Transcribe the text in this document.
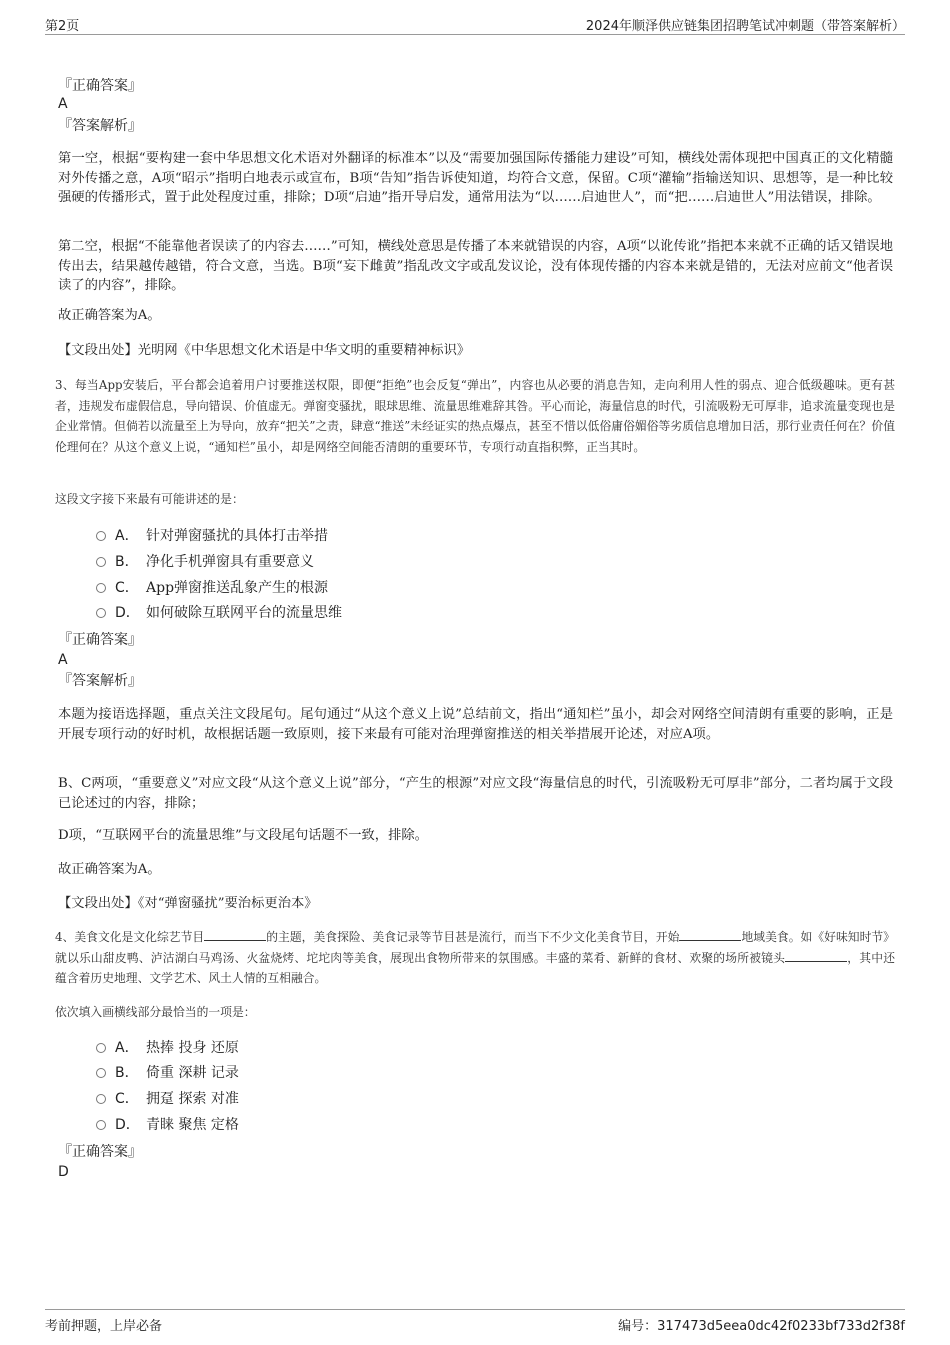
第2页	2024年顺泽供应链集团招聘笔试冲刺题（带答案解析）
『正确答案』
A
『答案解析』
第一空，根据“要构建一套中华思想文化术语对外翻译的标准本”以及“需要加强国际传播能力建设”可知，横线处需体现把中国真正的文化精髓对外传播之意，A项“昭示”指明白地表示或宣布，B项“告知”指告诉使知道，均符合文意，保留。C项“灌输”指输送知识、思想等，是一种比较强硬的传播形式，置于此处程度过重，排除；D项“启迪”指开导启发，通常用法为“以……启迪世人”，而“把……启迪世人”用法错误，排除。
第二空，根据“不能靠他者误读了的内容去……”可知，横线处意思是传播了本来就错误的内容，A项“以讹传讹”指把本来就不正确的话又错误地传出去，结果越传越错，符合文意，当选。B项“妄下雌黄”指乱改文字或乱发议论，没有体现传播的内容本来就是错的，无法对应前文“他者误读了的内容”，排除。
故正确答案为A。
【文段出处】光明网《中华思想文化术语是中华文明的重要精神标识》
3、每当App安装后，平台都会追着用户讨要推送权限，即便“拒绝”也会反复“弹出”，内容也从必要的消息告知，走向利用人性的弱点、迎合低级趣味。更有甚者，违规发布虚假信息，导向错误、价值虚无。弹窗变骚扰，眼球思维、流量思维难辞其咎。平心而论，海量信息的时代，引流吸粉无可厚非，追求流量变现也是企业常情。但倘若以流量至上为导向，放弃“把关”之责，肆意“推送”未经证实的热点爆点，甚至不惜以低俗庸俗媚俗等劣质信息增加日活，那行业责任何在？价值伦理何在？从这个意义上说，“通知栏”虽小，却是网络空间能否清朗的重要环节，专项行动直指积弊，正当其时。
这段文字接下来最有可能讲述的是：
A． 针对弹窗骚扰的具体打击举措
B． 净化手机弹窗具有重要意义
C． App弹窗推送乱象产生的根源
D． 如何破除互联网平台的流量思维
『正确答案』
A
『答案解析』
本题为接语选择题，重点关注文段尾句。尾句通过“从这个意义上说”总结前文，指出“通知栏”虽小，却会对网络空间清朗有重要的影响，正是开展专项行动的好时机，故根据话题一致原则，接下来最有可能对治理弹窗推送的相关举措展开论述，对应A项。
B、C两项，“重要意义”对应文段“从这个意义上说”部分，“产生的根源”对应文段“海量信息的时代，引流吸粉无可厚非”部分，二者均属于文段已论述过的内容，排除；
D项，“互联网平台的流量思维”与文段尾句话题不一致，排除。
故正确答案为A。
【文段出处】《对“弹窗骚扰”要治标更治本》
4、美食文化是文化综艺节目	的主题，美食探险、美食记录等节目甚是流行，而当下不少文化美食节目，开始	地域美食。如《好味知时节》就以乐山甜皮鸭、泸沽湖白马鸡汤、火盆烧烤、坨坨肉等美食，展现出食物所带来的氛围感。丰盛的菜肴、新鲜的食材、欢聚的场所被镜头	，其中还蕴含着历史地理、文学艺术、风土人情的互相融合。
依次填入画横线部分最恰当的一项是：
A． 热捧 投身 还原
B． 倚重 深耕 记录
C． 拥趸 探索 对准
D． 青睐 聚焦 定格
『正确答案』
D
考前押题，上岸必备	编号：317473d5eea0dc42f0233bf733d2f38f
